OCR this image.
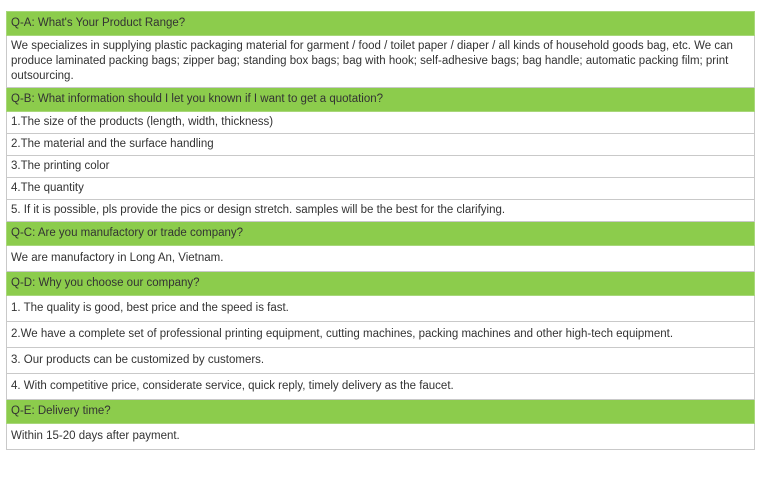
Q-A: What's Your Product Range?
We specializes in supplying plastic packaging material for garment / food / toilet paper / diaper / all kinds of household goods bag, etc. We can produce laminated packing bags; zipper bag; standing box bags; bag with hook; self-adhesive bags; bag handle; automatic packing film; print outsourcing.
Q-B: What information should I let you known if I want to get a quotation?
1.The size of the products (length, width, thickness)
2.The material and the surface handling
3.The printing color
4.The quantity
5. If it is possible, pls provide the pics or design stretch. samples will be the best for the clarifying.
Q-C: Are you manufactory or trade company?
We are manufactory in Long An, Vietnam.
Q-D: Why you choose our company?
1. The quality is good, best price and the speed is fast.
2.We have a complete set of professional printing equipment, cutting machines, packing machines and other high-tech equipment.
3. Our products can be customized by customers.
4. With competitive price, considerate service, quick reply, timely delivery as the faucet.
Q-E: Delivery time?
Within 15-20 days after payment.
